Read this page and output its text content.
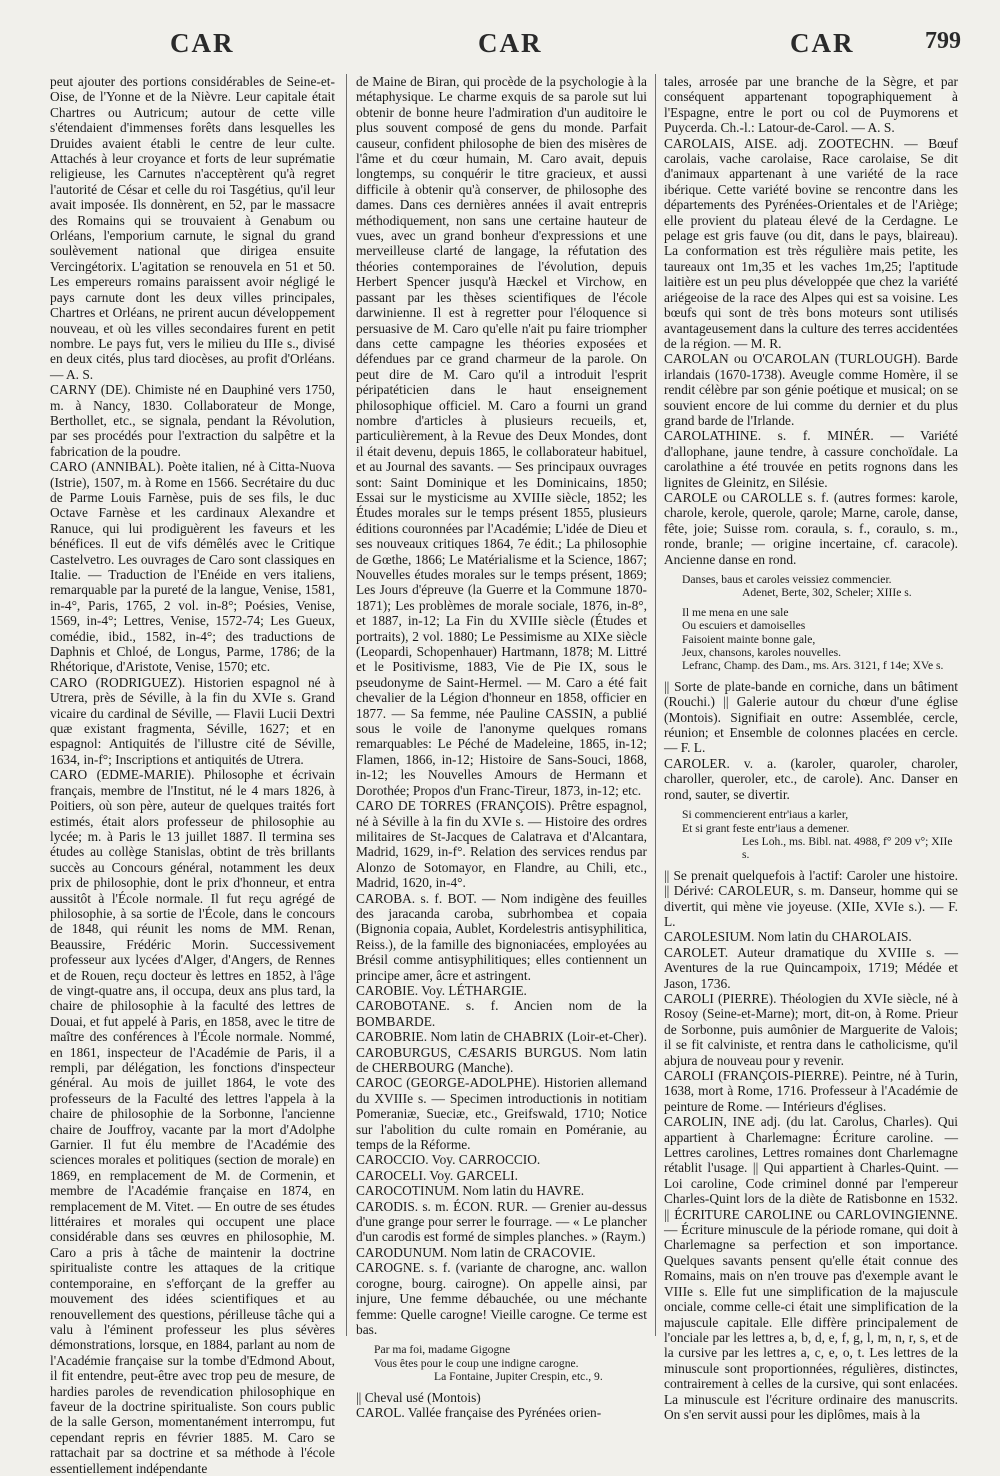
CAR	CAR	CAR	799

peut ajouter des portions considérables de Seine-et-Oise, de l'Yonne et de la Nièvre. Leur capitale était Chartres ou Autricum; autour de cette ville s'étendaient d'immenses forêts dans lesquelles les Druides avaient établi le centre de leur culte. Attachés à leur croyance et forts de leur suprématie religieuse, les Carnutes n'acceptèrent qu'à regret l'autorité de César et celle du roi Tasgétius, qu'il leur avait imposée. Ils donnèrent, en 52, par le massacre des Romains qui se trouvaient à Genabum ou Orléans, l'emporium carnute, le signal du grand soulèvement national que dirigea ensuite Vercingétorix. L'agitation se renouvela en 51 et 50. Les empereurs romains paraissent avoir négligé le pays carnute dont les deux villes principales, Chartres et Orléans, ne prirent aucun développement nouveau, et où les villes secondaires furent en petit nombre. Le pays fut, vers le milieu du IIIe s., divisé en deux cités, plus tard diocèses, au profit d'Orléans. — A. S.

CARNY (DE). Chimiste né en Dauphiné vers 1750, m. à Nancy, 1830. Collaborateur de Monge, Berthollet, etc., se signala, pendant la Révolution, par ses procédés pour l'extraction du salpêtre et la fabrication de la poudre.

CARO (ANNIBAL). Poète italien, né à Citta-Nuova (Istrie), 1507, m. à Rome en 1566. Secrétaire du duc de Parme Louis Farnèse, puis de ses fils, le duc Octave Farnèse et les cardinaux Alexandre et Ranuce, qui lui prodiguèrent les faveurs et les bénéfices. Il eut de vifs démêlés avec le Critique Castelvetro. Les ouvrages de Caro sont classiques en Italie. — Traduction de l'Enéide en vers italiens, remarquable par la pureté de la langue, Venise, 1581, in-4°, Paris, 1765, 2 vol. in-8°; Poésies, Venise, 1569, in-4°; Lettres, Venise, 1572-74; Les Gueux, comédie, ibid., 1582, in-4°; des traductions de Daphnis et Chloé, de Longus, Parme, 1786; de la Rhétorique, d'Aristote, Venise, 1570; etc.

CARO (RODRIGUEZ). Historien espagnol né à Utrera, près de Séville, à la fin du XVIe s. Grand vicaire du cardinal de Séville, — Flavii Lucii Dextri quæ existant fragmenta, Séville, 1627; et en espagnol: Antiquités de l'illustre cité de Séville, 1634, in-f°; Inscriptions et antiquités de Utrera.

CARO (EDME-MARIE). Philosophe et écrivain français, membre de l'Institut, né le 4 mars 1826, à Poitiers, où son père, auteur de quelques traités fort estimés, était alors professeur de philosophie au lycée; m. à Paris le 13 juillet 1887. Il termina ses études au collège Stanislas, obtint de très brillants succès au Concours général, notamment les deux prix de philosophie, dont le prix d'honneur, et entra aussitôt à l'École normale. Il fut reçu agrégé de philosophie, à sa sortie de l'École, dans le concours de 1848, qui réunit les noms de MM. Renan, Beaussire, Frédéric Morin. Successivement professeur aux lycées d'Alger, d'Angers, de Rennes et de Rouen, reçu docteur ès lettres en 1852, à l'âge de vingt-quatre ans, il occupa, deux ans plus tard, la chaire de philosophie à la faculté des lettres de Douai, et fut appelé à Paris, en 1858, avec le titre de maître des conférences à l'École normale. Nommé, en 1861, inspecteur de l'Académie de Paris, il a rempli, par délégation, les fonctions d'inspecteur général. Au mois de juillet 1864, le vote des professeurs de la Faculté des lettres l'appela à la chaire de philosophie de la Sorbonne, l'ancienne chaire de Jouffroy, vacante par la mort d'Adolphe Garnier. Il fut élu membre de l'Académie des sciences morales et politiques (section de morale) en 1869, en remplacement de M. de Cormenin, et membre de l'Académie française en 1874, en remplacement de M. Vitet. — En outre de ses études littéraires et morales qui occupent une place considérable dans ses œuvres en philosophie, M. Caro a pris à tâche de maintenir la doctrine spiritualiste contre les attaques de la critique contemporaine, en s'efforçant de la greffer au mouvement des idées scientifiques et au renouvellement des questions, périlleuse tâche qui a valu à l'éminent professeur les plus sévères démonstrations, lorsque, en 1884, parlant au nom de l'Académie française sur la tombe d'Edmond About, il fit entendre, peut-être avec trop peu de mesure, de hardies paroles de revendication philosophique en faveur de la doctrine spiritualiste. Son cours public de la salle Gerson, momentanément interrompu, fut cependant repris en février 1885. M. Caro se rattachait par sa doctrine et sa méthode à l'école essentiellement indépendante

de Maine de Biran, qui procède de la psychologie à la métaphysique. Le charme exquis de sa parole sut lui obtenir de bonne heure l'admiration d'un auditoire le plus souvent composé de gens du monde. Parfait causeur, confident philosophe de bien des misères de l'âme et du cœur humain, M. Caro avait, depuis longtemps, su conquérir le titre gracieux, et aussi difficile à obtenir qu'à conserver, de philosophe des dames. Dans ces dernières années il avait entrepris méthodiquement, non sans une certaine hauteur de vues, avec un grand bonheur d'expressions et une merveilleuse clarté de langage, la réfutation des théories contemporaines de l'évolution, depuis Herbert Spencer jusqu'à Hæckel et Virchow, en passant par les thèses scientifiques de l'école darwinienne. Il est à regretter pour l'éloquence si persuasive de M. Caro qu'elle n'ait pu faire triompher dans cette campagne les théories exposées et défendues par ce grand charmeur de la parole. On peut dire de M. Caro qu'il a introduit l'esprit péripatéticien dans le haut enseignement philosophique officiel. M. Caro a fourni un grand nombre d'articles à plusieurs recueils, et, particulièrement, à la Revue des Deux Mondes, dont il était devenu, depuis 1865, le collaborateur habituel, et au Journal des savants. — Ses principaux ouvrages sont: Saint Dominique et les Dominicains, 1850; Essai sur le mysticisme au XVIIIe siècle, 1852; les Études morales sur le temps présent 1855, plusieurs éditions couronnées par l'Académie; L'idée de Dieu et ses nouveaux critiques 1864, 7e édit.; La philosophie de Gœthe, 1866; Le Matérialisme et la Science, 1867; Nouvelles études morales sur le temps présent, 1869; Les Jours d'épreuve (la Guerre et la Commune 1870-1871); Les problèmes de morale sociale, 1876, in-8°, et 1887, in-12; La Fin du XVIIIe siècle (Études et portraits), 2 vol. 1880; Le Pessimisme au XIXe siècle (Leopardi, Schopenhauer) Hartmann, 1878; M. Littré et le Positivisme, 1883, Vie de Pie IX, sous le pseudonyme de Saint-Hermel. — M. Caro a été fait chevalier de la Légion d'honneur en 1858, officier en 1877. — Sa femme, née Pauline CASSIN, a publié sous le voile de l'anonyme quelques romans remarquables: Le Péché de Madeleine, 1865, in-12; Flamen, 1866, in-12; Histoire de Sans-Souci, 1868, in-12; les Nouvelles Amours de Hermann et Dorothée; Propos d'un Franc-Tireur, 1873, in-12; etc.

CARO DE TORRES (FRANÇOIS). Prêtre espagnol, né à Séville à la fin du XVIe s. — Histoire des ordres militaires de St-Jacques de Calatrava et d'Alcantara, Madrid, 1629, in-f°. Relation des services rendus par Alonzo de Sotomayor, en Flandre, au Chili, etc., Madrid, 1620, in-4°.

CAROBA. s. f. BOT. — Nom indigène des feuilles des jaracanda caroba, subrhombea et copaia (Bignonia copaia, Aublet, Kordelestris antisyphilitica, Reiss.), de la famille des bignoniacées, employées au Brésil comme antisyphilitiques; elles contiennent un principe amer, âcre et astringent.

CAROBIE. Voy. LÉTHARGIE.

CAROBOTANE. s. f. Ancien nom de la BOMBARDE.

CAROBRIE. Nom latin de CHABRIX (Loir-et-Cher).

CAROBURGUS, CÆSARIS BURGUS. Nom latin de CHERBOURG (Manche).

CAROC (GEORGE-ADOLPHE). Historien allemand du XVIIIe s. — Specimen introductionis in notitiam Pomeraniæ, Sueciæ, etc., Greifswald, 1710; Notice sur l'abolition du culte romain en Poméranie, au temps de la Réforme.

CAROCCIO. Voy. CARROCCIO.

CAROCELI. Voy. GARCELI.

CAROCOTINUM. Nom latin du HAVRE.

CARODIS. s. m. ÉCON. RUR. — Grenier au-dessus d'une grange pour serrer le fourrage. — « Le plancher d'un carodis est formé de simples planches. » (Raym.)

CARODUNUM. Nom latin de CRACOVIE.

CAROGNE. s. f. (variante de charogne, anc. wallon corogne, bourg. cairogne). On appelle ainsi, par injure, Une femme débauchée, ou une méchante femme: Quelle carogne! Vieille carogne. Ce terme est bas.

Par ma foi, madame Gigogne
Vous êtes pour le coup une indigne carogne.
La Fontaine, Jupiter Crespin, etc., 9.

|| Cheval usé (Montois)

CAROL. Vallée française des Pyrénées orien-

tales, arrosée par une branche de la Sègre, et par conséquent appartenant topographiquement à l'Espagne, entre le port ou col de Puymorens et Puycerda. Ch.-l.: Latour-de-Carol. — A. S.

CAROLAIS, AISE. adj. ZOOTECHN. — Bœuf carolais, vache carolaise, Race carolaise, Se dit d'animaux appartenant à une variété de la race ibérique. Cette variété bovine se rencontre dans les départements des Pyrénées-Orientales et de l'Ariège; elle provient du plateau élevé de la Cerdagne. Le pelage est gris fauve (ou dit, dans le pays, blaireau). La conformation est très régulière mais petite, les taureaux ont 1m,35 et les vaches 1m,25; l'aptitude laitière est un peu plus développée que chez la variété ariégeoise de la race des Alpes qui est sa voisine. Les bœufs qui sont de très bons moteurs sont utilisés avantageusement dans la culture des terres accidentées de la région. — M. R.

CAROLAN ou O'CAROLAN (TURLOUGH). Barde irlandais (1670-1738). Aveugle comme Homère, il se rendit célèbre par son génie poétique et musical; on se souvient encore de lui comme du dernier et du plus grand barde de l'Irlande.

CAROLATHINE. s. f. MINÉR. — Variété d'allophane, jaune tendre, à cassure conchoïdale. La carolathine a été trouvée en petits rognons dans les lignites de Gleinitz, en Silésie.

CAROLE ou CAROLLE s. f. (autres formes: karole, charole, kerole, querole, qarole; Marne, carole, danse, fête, joie; Suisse rom. coraula, s. f., coraulo, s. m., ronde, branle; — origine incertaine, cf. caracole). Ancienne danse en rond.

Danses, baus et caroles veissiez commencier.
Adenet, Berte, 302, Scheler; XIIIe s.
Il me mena en une sale
Ou escuiers et damoiselles
Faisoient mainte bonne gale,
Jeux, chansons, karoles nouvelles.
Lefranc, Champ. des Dam., ms. Ars. 3121, f 14e; XVe s.

|| Sorte de plate-bande en corniche, dans un bâtiment (Rouchi.) || Galerie autour du chœur d'une église (Montois). Signifiait en outre: Assemblée, cercle, réunion; et Ensemble de colonnes placées en cercle. — F. L.

CAROLER. v. a. (karoler, quaroler, charoler, charoller, queroler, etc., de carole). Anc. Danser en rond, sauter, se divertir.

Si commencierent entr'iaus a karler,
Et si grant feste entr'iaus a demener.
Les Loh., ms. Bibl. nat. 4988, f° 209 v°; XIIe s.

|| Se prenait quelquefois à l'actif: Caroler une histoire. || Dérivé: CAROLEUR, s. m. Danseur, homme qui se divertit, qui mène vie joyeuse. (XIIe, XVIe s.). — F. L.

CAROLESIUM. Nom latin du CHAROLAIS.

CAROLET. Auteur dramatique du XVIIIe s. — Aventures de la rue Quincampoix, 1719; Médée et Jason, 1736.

CAROLI (PIERRE). Théologien du XVIe siècle, né à Rosoy (Seine-et-Marne); mort, dit-on, à Rome. Prieur de Sorbonne, puis aumônier de Marguerite de Valois; il se fit calviniste, et rentra dans le catholicisme, qu'il abjura de nouveau pour y revenir.

CAROLI (FRANÇOIS-PIERRE). Peintre, né à Turin, 1638, mort à Rome, 1716. Professeur à l'Académie de peinture de Rome. — Intérieurs d'églises.

CAROLIN, INE adj. (du lat. Carolus, Charles). Qui appartient à Charlemagne: Écriture caroline. — Lettres carolines, Lettres romaines dont Charlemagne rétablit l'usage. || Qui appartient à Charles-Quint. — Loi caroline, Code criminel donné par l'empereur Charles-Quint lors de la diète de Ratisbonne en 1532. || ÉCRITURE CAROLINE ou CARLOVINGIENNE. — Écriture minuscule de la période romane, qui doit à Charlemagne sa perfection et son importance. Quelques savants pensent qu'elle était connue des Romains, mais on n'en trouve pas d'exemple avant le VIIIe s. Elle fut une simplification de la majuscule onciale, comme celle-ci était une simplification de la majuscule capitale. Elle diffère principalement de l'onciale par les lettres a, b, d, e, f, g, l, m, n, r, s, et de la cursive par les lettres a, c, e, o, t. Les lettres de la minuscule sont proportionnées, régulières, distinctes, contrairement à celles de la cursive, qui sont enlacées. La minuscule est l'écriture ordinaire des manuscrits. On s'en servit aussi pour les diplômes, mais à la
